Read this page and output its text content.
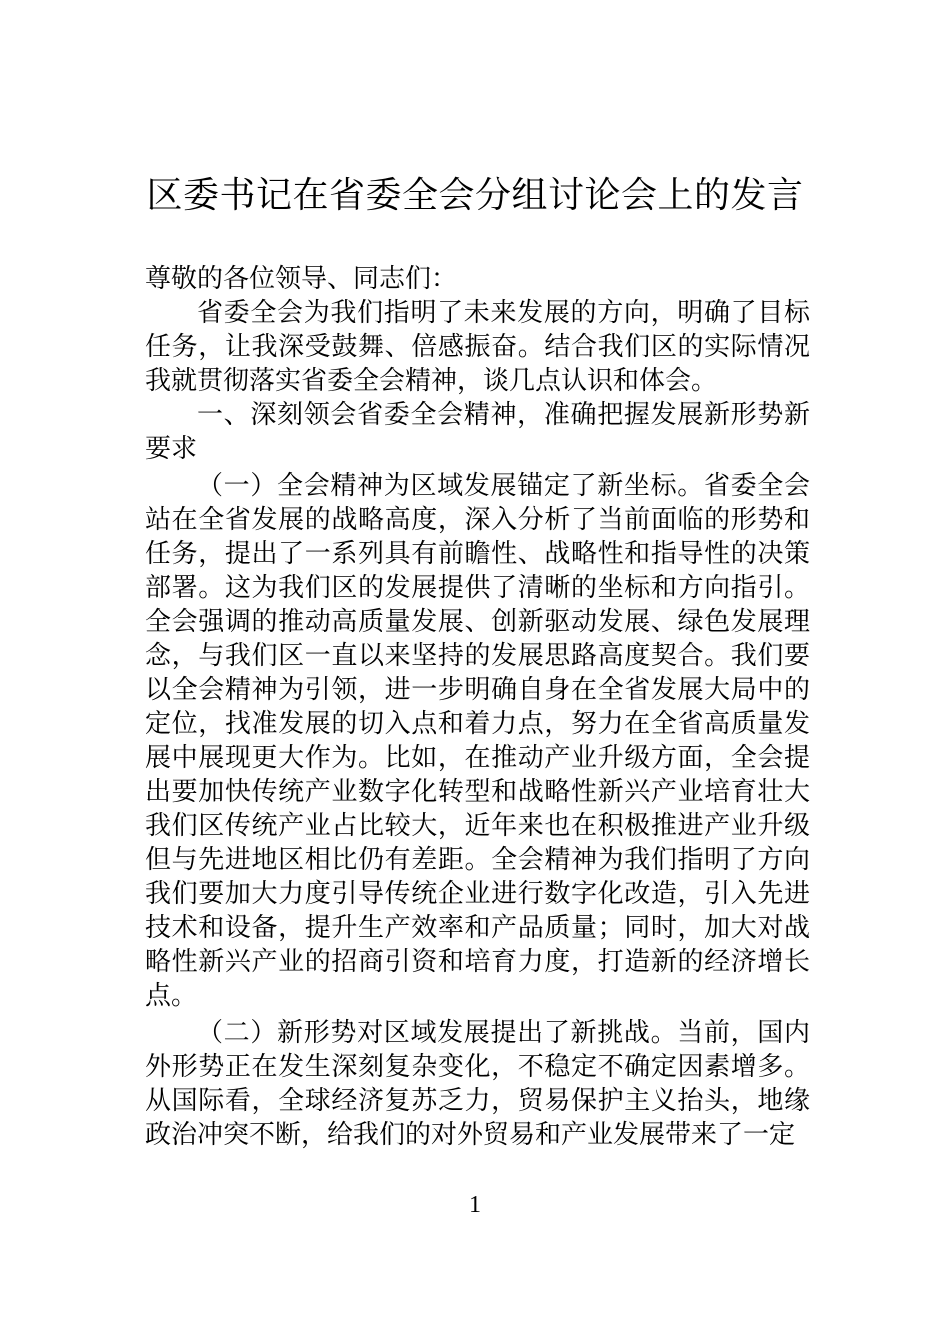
区委书记在省委全会分组讨论会上的发言

尊敬的各位领导、同志们：

省委全会为我们指明了未来发展的方向，明确了目标任务，让我深受鼓舞、倍感振奋。结合我们区的实际情况我就贯彻落实省委全会精神，谈几点认识和体会。

一、深刻领会省委全会精神，准确把握发展新形势新要求

（一）全会精神为区域发展锚定了新坐标。省委全会站在全省发展的战略高度，深入分析了当前面临的形势和任务，提出了一系列具有前瞻性、战略性和指导性的决策部署。这为我们区的发展提供了清晰的坐标和方向指引。全会强调的推动高质量发展、创新驱动发展、绿色发展理念，与我们区一直以来坚持的发展思路高度契合。我们要以全会精神为引领，进一步明确自身在全省发展大局中的定位，找准发展的切入点和着力点，努力在全省高质量发展中展现更大作为。比如，在推动产业升级方面，全会提出要加快传统产业数字化转型和战略性新兴产业培育壮大我们区传统产业占比较大，近年来也在积极推进产业升级但与先进地区相比仍有差距。全会精神为我们指明了方向我们要加大力度引导传统企业进行数字化改造，引入先进技术和设备，提升生产效率和产品质量；同时，加大对战略性新兴产业的招商引资和培育力度，打造新的经济增长点。

（二）新形势对区域发展提出了新挑战。当前，国内外形势正在发生深刻复杂变化，不稳定不确定因素增多。从国际看，全球经济复苏乏力，贸易保护主义抬头，地缘政治冲突不断，给我们的对外贸易和产业发展带来了一定

1
